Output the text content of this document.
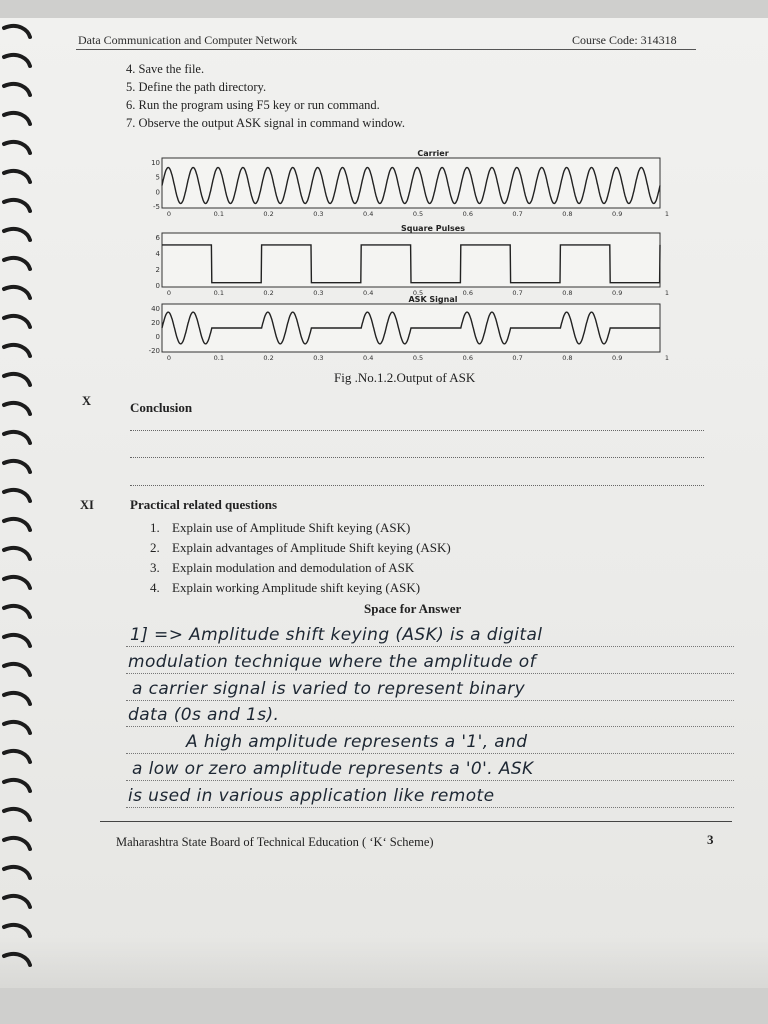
Data Communication and Computer Network	Course Code: 314318
4. Save the file.
5. Define the path directory.
6. Run the program using F5 key or run command.
7. Observe the output ASK signal in command window.
Carrier
10
5
0
-5
0	0.1	0.2	0.3	0.4	0.5	0.6	0.7	0.8	0.9	1
Square Pulses
6
4
2
0
0	0.1	0.2	0.3	0.4	0.5	0.6	0.7	0.8	0.9	1
ASK Signal
40
20
0
-20
0	0.1	0.2	0.3	0.4	0.5	0.6	0.7	0.8	0.9	1
Fig .No.1.2.Output of ASK
X	Conclusion
XI	Practical related questions
1. Explain use of Amplitude Shift keying (ASK)
2. Explain advantages of Amplitude Shift keying (ASK)
3. Explain modulation and demodulation of ASK
4. Explain working Amplitude shift keying (ASK)
Space for Answer
1] => Amplitude shift keying (ASK) is a digital
modulation technique where the amplitude of
a carrier signal is varied to represent binary
data (0s and 1s).
A high amplitude represents a '1', and
a low or zero amplitude represents a '0'. ASK
is used in various application like remote
Maharashtra State Board of Technical Education ( ‘K‘ Scheme)	3
